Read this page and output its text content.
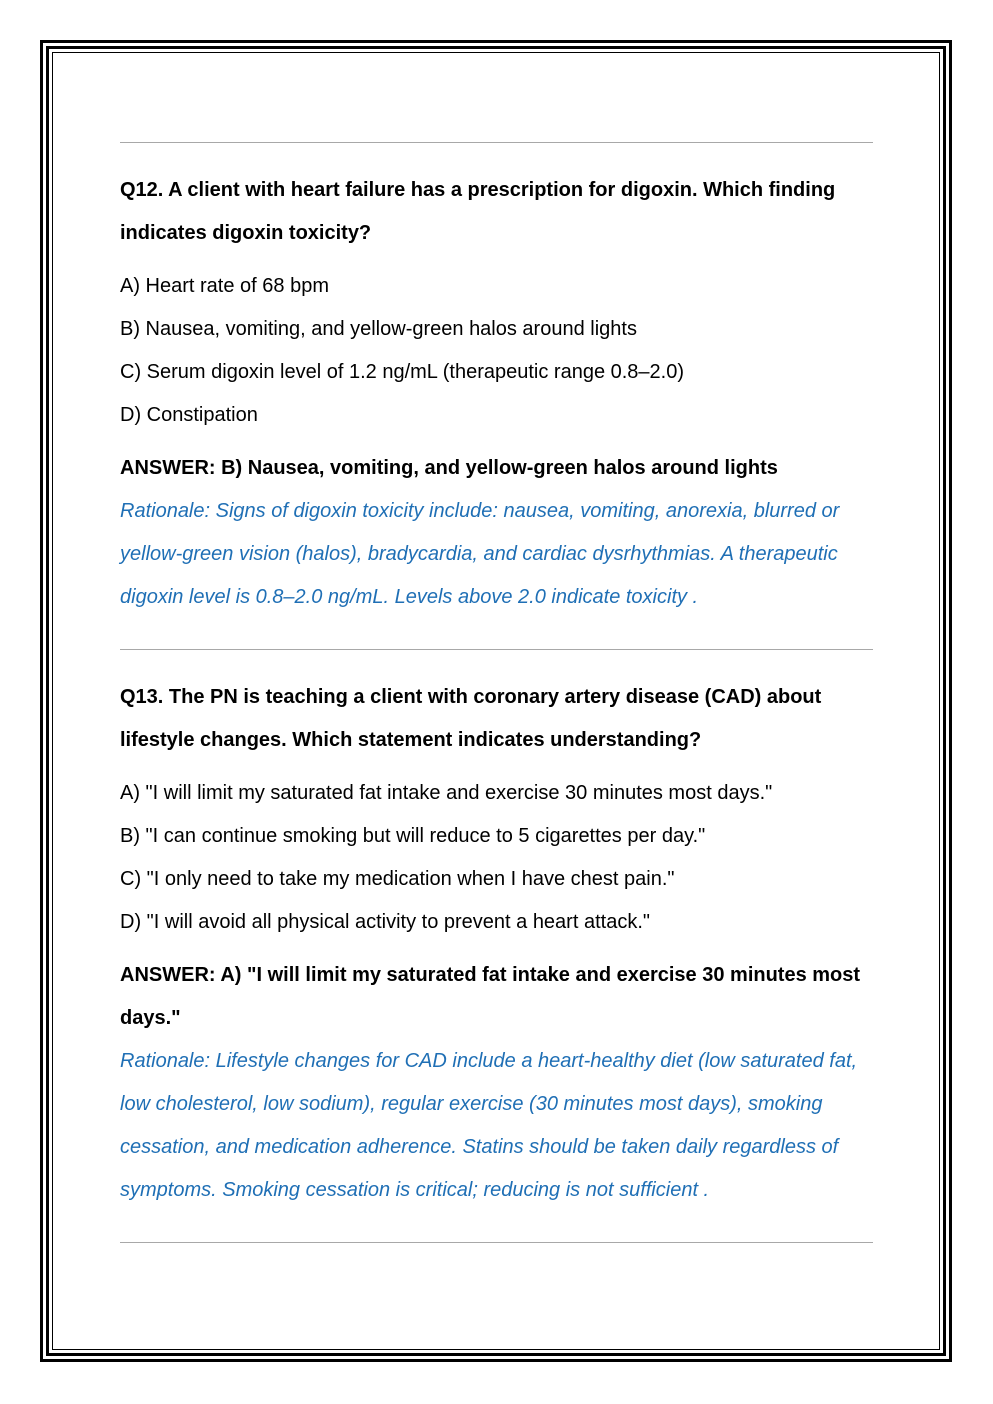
Q12. A client with heart failure has a prescription for digoxin. Which finding indicates digoxin toxicity?

A) Heart rate of 68 bpm

B) Nausea, vomiting, and yellow-green halos around lights

C) Serum digoxin level of 1.2 ng/mL (therapeutic range 0.8–2.0)

D) Constipation

ANSWER: B) Nausea, vomiting, and yellow-green halos around lights

Rationale: Signs of digoxin toxicity include: nausea, vomiting, anorexia, blurred or yellow-green vision (halos), bradycardia, and cardiac dysrhythmias. A therapeutic digoxin level is 0.8–2.0 ng/mL. Levels above 2.0 indicate toxicity .

Q13. The PN is teaching a client with coronary artery disease (CAD) about lifestyle changes. Which statement indicates understanding?

A) "I will limit my saturated fat intake and exercise 30 minutes most days."

B) "I can continue smoking but will reduce to 5 cigarettes per day."

C) "I only need to take my medication when I have chest pain."

D) "I will avoid all physical activity to prevent a heart attack."

ANSWER: A) "I will limit my saturated fat intake and exercise 30 minutes most days."

Rationale: Lifestyle changes for CAD include a heart-healthy diet (low saturated fat, low cholesterol, low sodium), regular exercise (30 minutes most days), smoking cessation, and medication adherence. Statins should be taken daily regardless of symptoms. Smoking cessation is critical; reducing is not sufficient .
